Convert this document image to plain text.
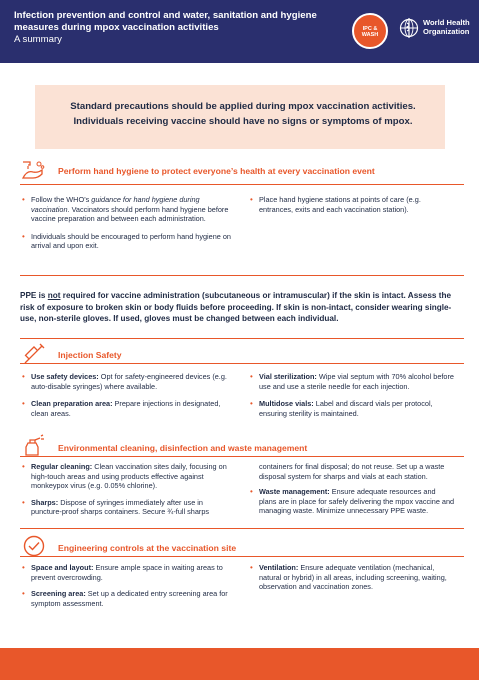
Infection prevention and control and water, sanitation and hygiene measures during mpox vaccination activities
A summary
IPC & WASH
World Health Organization
Standard precautions should be applied during mpox vaccination activities. Individuals receiving vaccine should have no signs or symptoms of mpox.
Perform hand hygiene to protect everyone’s health at every vaccination event
• Follow the WHO’s guidance for hand hygiene during vaccination. Vaccinators should perform hand hygiene before vaccine preparation and between each administration.
• Individuals should be encouraged to perform hand hygiene on arrival and upon exit.
• Place hand hygiene stations at points of care (e.g. entrances, exits and each vaccination station).
PPE is not required for vaccine administration (subcutaneous or intramuscular) if the skin is intact. Assess the risk of exposure to broken skin or body fluids before proceeding. If skin is non-intact, consider wearing single-use, non-sterile gloves. If used, gloves must be changed between each individual.
Injection Safety
• Use safety devices: Opt for safety-engineered devices (e.g. auto-disable syringes) where available.
• Clean preparation area: Prepare injections in designated, clean areas.
• Vial sterilization: Wipe vial septum with 70% alcohol before use and use a sterile needle for each injection.
• Multidose vials: Label and discard vials per protocol, ensuring sterility is maintained.
Environmental cleaning, disinfection and waste management
• Regular cleaning: Clean vaccination sites daily, focusing on high-touch areas and using products effective against monkeypox virus (e.g. 0.05% chlorine).
• Sharps: Dispose of syringes immediately after use in puncture-proof sharps containers. Secure ¾-full sharps
containers for final disposal; do not reuse. Set up a waste disposal system for sharps and vials at each station.
• Waste management: Ensure adequate resources and plans are in place for safely delivering the mpox vaccine and managing waste. Minimize unnecessary PPE waste.
Engineering controls at the vaccination site
• Space and layout: Ensure ample space in waiting areas to prevent overcrowding.
• Screening area: Set up a dedicated entry screening area for symptom assessment.
• Ventilation: Ensure adequate ventilation (mechanical, natural or hybrid) in all areas, including screening, waiting, observation and vaccination zones.
